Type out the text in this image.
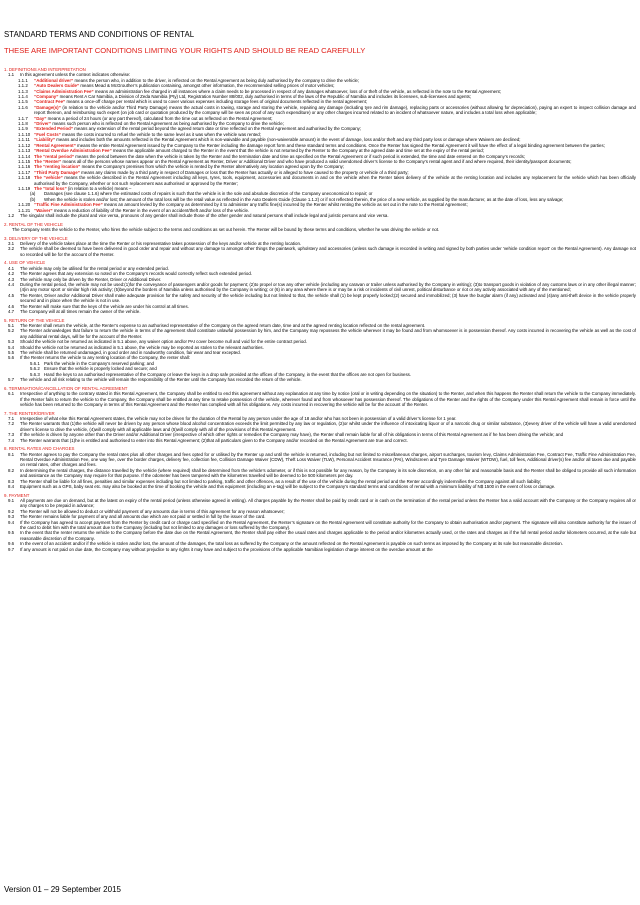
STANDARD TERMS AND CONDITIONS OF RENTAL
THESE ARE IMPORTANT CONDITIONS LIMITING YOUR RIGHTS AND SHOULD BE READ CAREFULLY
1. DEFINITIONS AND INTERPRETATION
1.1	In this agreement unless the context indicates otherwise:
1.1.1	“Additional driver” means the person who, in addition to the driver, is reflected on the Rental Agreement as being duly authorised by the company to drive the vehicle;
1.1.2	“Auto Dealers Guide” means Mead & McGrouther’s publication containing, amongst other information, the recommended selling prices of motor vehicles;
1.1.3	“Claims Administration Fee” means an administration fee charged in all instances where a claim needs to be processed in respect of any damages whatsoever, loss of or theft of the vehicle, as reflected in the note to the Rental Agreement;
1.1.4	“Company” means Rent A Car Namibia, a Division of Zeda Namibia (Pty) Ltd, Registration Number 88/002, duly authorised in terms of the laws of the Republic of Namibia and includes its licensees, sub-licensees and agents;
1.1.5	“Contract Fee” means a once-off charge per rental which is used to cover various expenses including storage fees of original documents reflected in the rental agreement;
1.1.6	“Damage(s)” (in relation to the vehicle and/or Third Party Damage) means the actual costs in towing, storage and storing the vehicle, repairing any damage (including tyre and rim damage), replacing parts or accessories (without allowing for depreciation), paying an expert to inspect collision damage and report thereon, and reimbursing such expert (on job card or quotation produced by the company will be seen as proof of any such expenditure) or any other charges incurred related to an incident of whatsoever nature, and includes a total loss when applicable;
1.1.7	“Day” means a period of 24 hours (or any part thereof), calculated from the time out as reflected on the Rental Agreement;
1.1.8	“Driver” means such person who is reflected on the Rental Agreement as being authorised by the Company to drive the vehicle;
1.1.9	“Extended Period” means any extension of the rental period beyond the agreed return date or time reflected on the Rental Agreement and authorised by the Company;
1.1.10 “Fuel Costs” means the costs incurred to refuel the vehicle to the same level as it was when the vehicle was rented;
1.1.11 “Liability” means and includes both the amounts reflected in the Rental Agreement which is non-waivable and payable (non-waiverable amount) in the event of damage, loss and/or theft and any third party loss or damage where Waivers are declined;
1.1.12 “Rental Agreement” means the entire Rental Agreement issued by the Company to the Renter including the damage report form and these standard terms and conditions. Once the Renter has signed the Rental Agreement it will have the effect of a legal binding agreement between the parties;
1.1.13 “Rental Overdue Administration Fee” means the applicable amount charged to the Renter in the event that the vehicle is not returned by the Renter to the Company at the agreed date and time set at the expiry of the rental period;
1.1.14 The “rental period” means the period between the date when the vehicle is taken by the Renter and the termination date and time as specified on the Rental Agreement or if such period is extended, the time and date entered on the Company’s records;
1.1.15 The “Renter” means all of the persons whose names appear on the Rental Agreement as Renter, Driver or Additional Driver and who have produced a valid unendorsed driver’s license to the Company’s rental agent and if and where required, their identity/passport documents;
1.1.16 The “renting location” means the Company’s premises from which the vehicle is rented by the Renter alternatively any location agreed upon by the Company;
1.1.17 “Third Party Damage” means any claims made by a third party in respect of Damages or loss that the Renter has actually or is alleged to have caused to the property or vehicle of a third party;
1.1.18 The “vehicle” means the vehicle described in the Rental Agreement including all keys, tyres, tools, equipment, accessories and documents in and on the vehicle when the Renter takes delivery of the vehicle at the renting location and includes any replacement for the vehicle which has been officially authorised by the Company, whether or not such replacement was authorised or approved by the Renter;
1.1.19 The “total loss” (in relation to a vehicle) means –
(a)	Damages (see clause 1.1.6) where the estimated costs of repairs is such that the vehicle is in the sole and absolute discretion of the Company uneconomical to repair; or
(b)	When the vehicle is stolen and/or lost; the amount of the total loss will be the retail value as reflected in the Auto Dealers Guide (Clause 1.1.2) or if not reflected therein, the price of a new vehicle, as supplied by the manufacturer, as at the date of loss, less any salvage;
1.1.20 “Traffic Fine Administration Fee” means an amount levied by the company as determined by it to administer any traffic fine(s) incurred by the Renter whilst renting the vehicle as set out in the note to the Rental Agreement;
1.1.21 “Waiver” means a reduction of liability of the Renter in the event of an accident/theft and/or loss of the vehicle.
1.2	The singular shall include the plural and vice versa, pronouns of any gender shall include those of the other gender and natural persons shall include legal and juristic persons and vice versa.
2. RENTAL OF THE VEHICLE
The Company rents the vehicle to the Renter, who hires the vehicle subject to the terms and conditions as set out herein. The Renter will be bound by these terms and conditions, whether he was driving the vehicle or not.
3. DELIVERY OF THE VEHICLE
3.1	Delivery of the vehicle takes place at the time the Renter or his representative takes possession of the keys and/or vehicle at the renting location.
3.2	The vehicle shall be deemed to have been delivered in good order and repair and without any damage to amongst other things the paintwork, upholstery and accessories (unless such damage is recorded in writing and signed by both parties under 'vehicle condition report' on the Rental Agreement). Any damage not so recorded will be for the account of the Renter.
4. USE OF VEHICLE
4.1	The vehicle may only be utilised for the rental period or any extended period.
4.2	The Renter agrees that any extension so noted on the Company’s records would correctly reflect such extended period.
4.3	The vehicle may only be driven by the Renter, Driver or Additional Driver.
4.4	During the rental period, the vehicle may not be used:(1)for the conveyance of passengers and/or goods for payment; (2)to propel or tow any other vehicle (including any caravan or trailer unless authorised by the Company in writing); (3)to transport goods in violation of any customs laws or in any other illegal manner; (4)in any motor sport or similar high risk activity; (5)beyond the borders of Namibia unless authorised by the Company in writing; or (6) in any area where there is or may be a risk or incidents of civil unrest, political disturbance or riot or any activity associated with any of the mentioned;
4.5	The Renter, Driver and/or Additional Driver shall make adequate provision for the safety and security of the vehicle including but not limited to that, the vehicle shall (1) be kept properly locked;(2) secured and immobilized; (3) have the burglar alarm (if any) activated and (4)any anti-theft device in the vehicle properly secured and in place when the vehicle is not in use.
4.6	The Renter will make sure that the keys of the vehicle are under his control at all times.
4.7	The Company will at all times remain the owner of the vehicle.
5. RETURN OF THE VEHICLE
5.1	The Renter shall return the vehicle, at the Renter’s expense to an authorised representative of the Company on the agreed return date, time and at the agreed renting location reflected on the rental agreement.
5.2	The Renter acknowledges that failure to return the vehicle in terms of the agreement shall constitute unlawful possession by him, and the Company may repossess the vehicle wherever it may be found and from whomsoever is in possession thereof. Any costs incurred in recovering the vehicle as well as the cost of any additional rental days, will be for the account of the Renter.
5.3	Should the vehicle not be returned as indicated in 5.1 above, any waiver option and/or PAI cover become null and void for the entire contract period.
5.4	Should the vehicle not be returned as indicated in 5.1 above, the vehicle may be reported as stolen to the relevant authorities.
5.5	The vehicle shall be returned undamaged, in good order and in roadworthy condition, fair wear and tear excepted.
5.6	If the Renter returns the vehicle to any renting location of the Company, the renter shall:
5.6.1 Park the vehicle in the Company’s reserved parking; and
5.6.2 Ensure that the vehicle is properly locked and secure; and
5.6.3 Hand the keys to an authorised representative of the Company or leave the keys in a drop safe provided at the offices of the Company, in the event that the offices are not open for business.
5.7	The vehicle and all risk relating to the vehicle will remain the responsibility of the Renter until the Company has recorded the return of the vehicle.
6. TERMINATION/CANCELLATION OF RENTAL AGREEMENT
6.1	Irrespective of anything to the contrary stated in this Rental Agreement, the Company shall be entitled to end this agreement without any explanation at any time by notice (oral or in writing depending on the situation) to the Renter, and when this happens the Renter shall return the vehicle to the Company immediately. If the Renter fails to return the vehicle to the Company, the Company shall be entitled at any time to retake possession of the vehicle, wherever found and from whosoever has possession thereof. The obligations of the Renter and the rights of the Company under this Rental Agreement shall remain in force until the vehicle has been returned to the Company in terms of this Rental Agreement and the Renter has complied with all his obligations. Any costs incurred in recovering the vehicle will be for the account of the Renter.
7. THE RENTER/DRIVER
7.1	Irrespective of what else this Rental Agreement states, the vehicle may not be driven for the duration of the Rental by any person under the age of 18 and/or who has not been in possession of a valid driver’s license for 1 year.
7.2	The Renter warrants that (1)the vehicle will never be driven by any person whose blood alcohol concentration exceeds the limit permitted by any law or regulation, (2)or whilst under the influence of intoxicating liquor or of a narcotic drug or similar substance, (3)every driver of the vehicle will have a valid unendorsed driver’s license to drive the vehicle, (4)will comply with all applicable laws and (5)will comply with all of the provisions of this Rental Agreement.
7.3	If the vehicle is driven by anyone other than the Driver and/or Additional Driver (irrespective of which other rights or remedies the Company may have), the Renter shall remain liable for all of his obligations in terms of this Rental Agreement as if he has been driving the vehicle; and
7.4	The Renter warrants that (1)he is entitled and authorised to enter into this Rental Agreement; (2)that all particulars given to the Company and/or recorded on the Rental Agreement are true and correct.
8. RENTAL RATES AND CHARGES
8.1	The Renter agrees to pay the Company the rental rates plus all other charges and fees opted for or utilised by the Renter up and until the vehicle is returned, including but not limited to miscellaneous charges, airport surcharges, tourism levy, Claims Administration Fee, Contract Fee, Traffic Fine Administration Fee, Rental Overdue Administration Fee, one way fee, over the border charges, delivery fee, collection fee, Collision Damage Waiver (CDW), Theft Loss Waiver (TLW), Personal Accident Insurance (PAI), Windscreen and Tyre Damage Waiver (WTDW), fuel, toll fees, Additional driver(s) fee and/or all taxes due and payable on rental rates, other charges and fees.
8.2	In determining the rental charges, the distance travelled by the vehicle (where required) shall be determined from the vehicle’s odometer, or if this is not possible for any reason, by the Company in its sole discretion, on any other fair and reasonable basis and the Renter shall be obliged to provide all such information and assistance as the Company may require for that purpose. If the odometer has been tampered with the kilometres travelled will be deemed to be 500 kilometers per day.
8.3	The Renter shall be liable for all fines, penalties and similar expenses including but not limited to parking, traffic and other offences, as a result of the use of the vehicle during the rental period and the Renter accordingly indemnifies the Company against all such liability;
8.4	Equipment such as a GPS, baby seat etc. may also be booked at the time of booking the vehicle and this equipment (including an e-tag) will be subject to the Company’s standard terms and conditions of rental with a minimum liability of N$ 1500 in the event of loss or damage.
9. PAYMENT
9.1	All payments are due on demand, but at the latest on expiry of the rental period (unless otherwise agreed in writing). All charges payable by the Renter shall be paid by credit card or in cash on the termination of the rental period unless the Renter has a valid account with the Company or the Company requires all or any charges to be prepaid in advance;
9.2	The Renter will not be allowed to deduct or withhold payment of any amounts due in terms of this agreement for any reason whatsoever;
9.3	The Renter remains liable for payment of any and all amounts due which are not paid or settled in full by the issuer of the card.
9.4	If the Company has agreed to accept payment from the Renter by credit card or charge card specified on the Rental Agreement, the Renter’s signature on the Rental Agreement will constitute authority for the Company to obtain authorisation and/or payment. The signature will also constitute authority for the issuer of the card to debit him with the total amount due to the Company (including but not limited to any damages or loss suffered by the Company).
9.5	In the event that the renter returns the vehicle to the Company before the date due on the Rental Agreement, the Renter shall pay either the usual rates and charges applicable to the period and/or kilometres actually used, or the rates and charges as if the full rental period and/or kilometers occurred, at the sole but reasonable discretion of the Company.
9.6	In the event of an accident and/or if the vehicle is stolen and/or lost, the amount of the damages, the total loss as suffered by the Company or the amount reflected on the Rental Agreement is payable on such terms as imposed by the Company at its sole but reasonable discretion.
9.7	If any amount is not paid on due date, the Company may without prejudice to any rights it may have and subject to the provisions of the applicable Namibian legislation charge interest on the overdue amount at the
Version 01 – 29 September 2015
